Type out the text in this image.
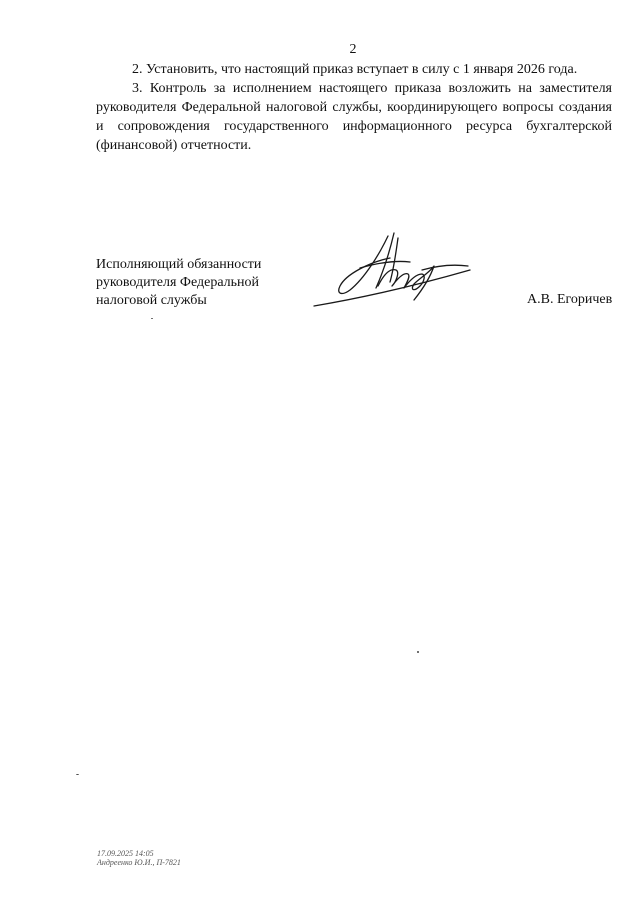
2

2. Установить, что настоящий приказ вступает в силу с 1 января 2026 года.

3. Контроль за исполнением настоящего приказа возложить на заместителя руководителя Федеральной налоговой службы, координирующего вопросы создания и сопровождения государственного информационного ресурса бухгалтерской (финансовой) отчетности.

Исполняющий обязанности
руководителя Федеральной
налоговой службы	А.В. Егоричев
17.09.2025 14:05
Андреенко Ю.И., П-7821
